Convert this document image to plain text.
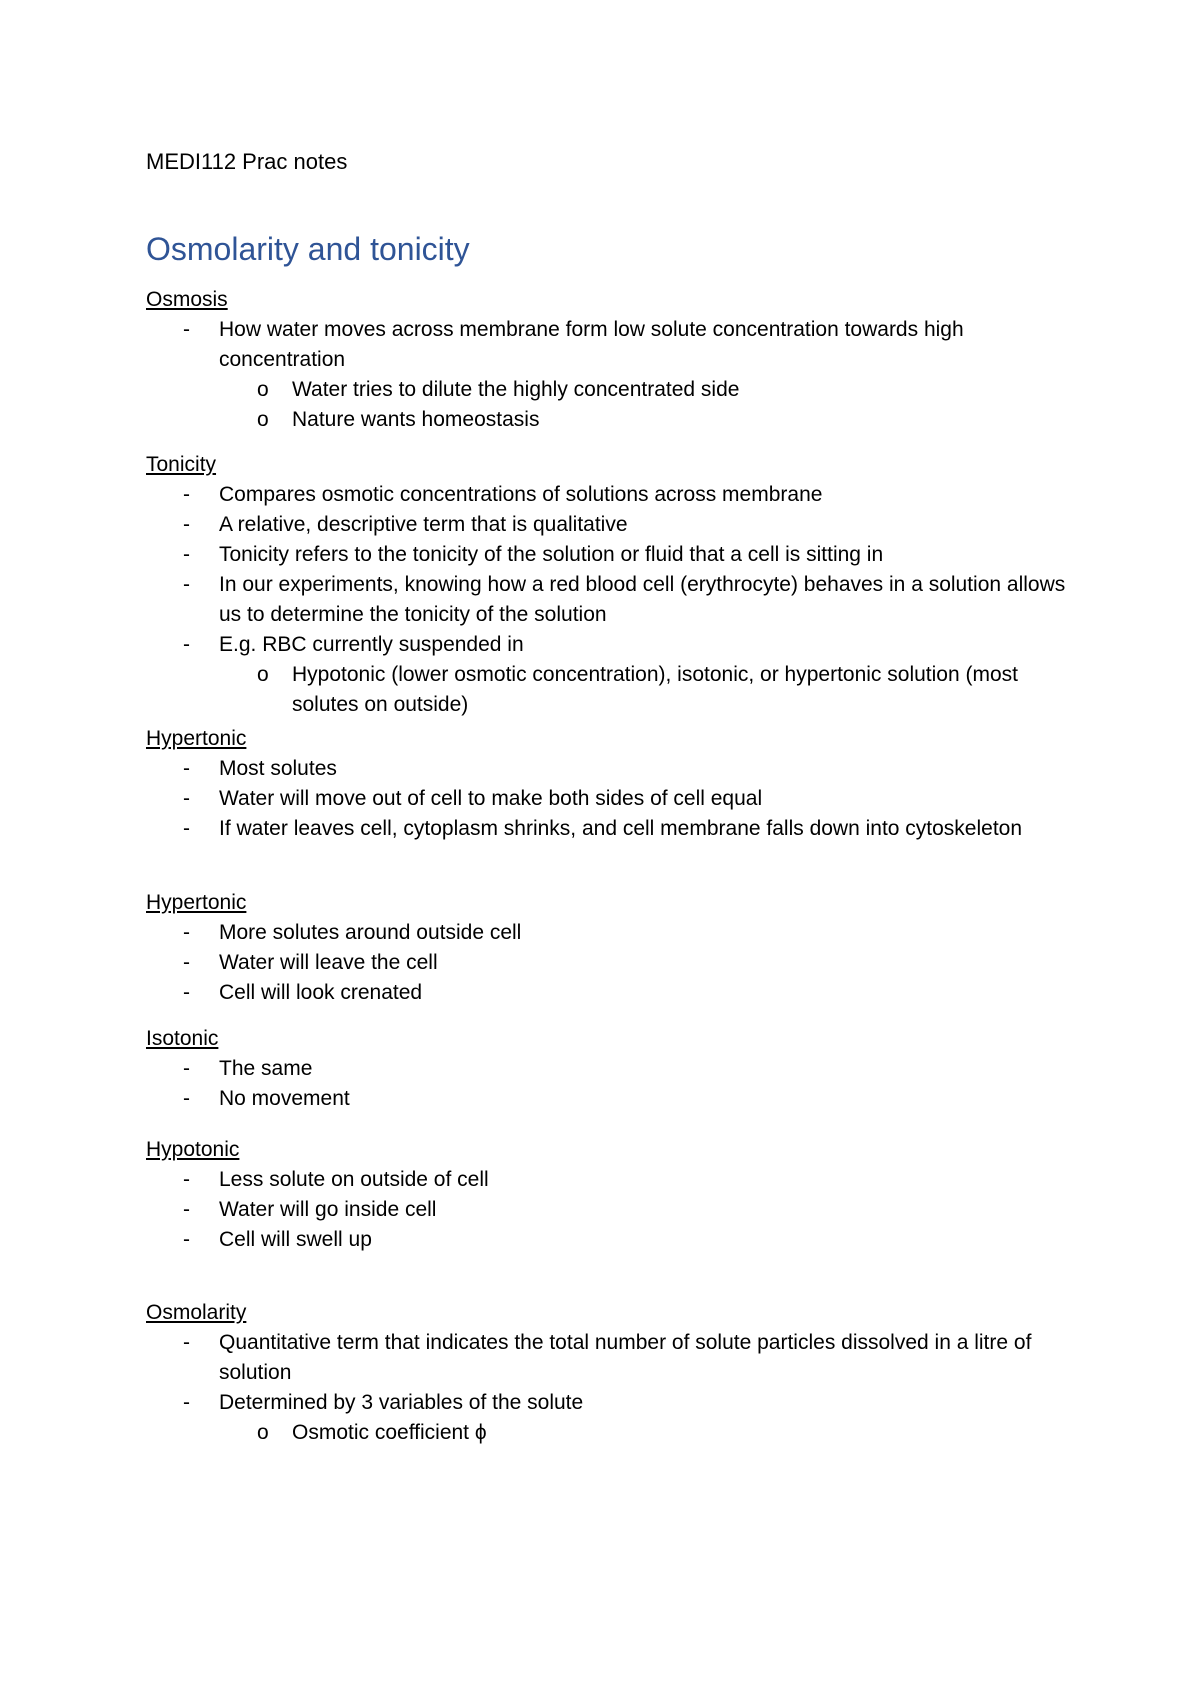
MEDI112 Prac notes
Osmolarity and tonicity
Osmosis
- How water moves across membrane form low solute concentration towards high concentration
o Water tries to dilute the highly concentrated side
o Nature wants homeostasis
Tonicity
- Compares osmotic concentrations of solutions across membrane
- A relative, descriptive term that is qualitative
- Tonicity refers to the tonicity of the solution or fluid that a cell is sitting in
- In our experiments, knowing how a red blood cell (erythrocyte) behaves in a solution allows us to determine the tonicity of the solution
- E.g. RBC currently suspended in
o Hypotonic (lower osmotic concentration), isotonic, or hypertonic solution (most solutes on outside)
Hypertonic
- Most solutes
- Water will move out of cell to make both sides of cell equal
- If water leaves cell, cytoplasm shrinks, and cell membrane falls down into cytoskeleton
Hypertonic
- More solutes around outside cell
- Water will leave the cell
- Cell will look crenated
Isotonic
- The same
- No movement
Hypotonic
- Less solute on outside of cell
- Water will go inside cell
- Cell will swell up
Osmolarity
- Quantitative term that indicates the total number of solute particles dissolved in a litre of solution
- Determined by 3 variables of the solute
o Osmotic coefficient ϕ
